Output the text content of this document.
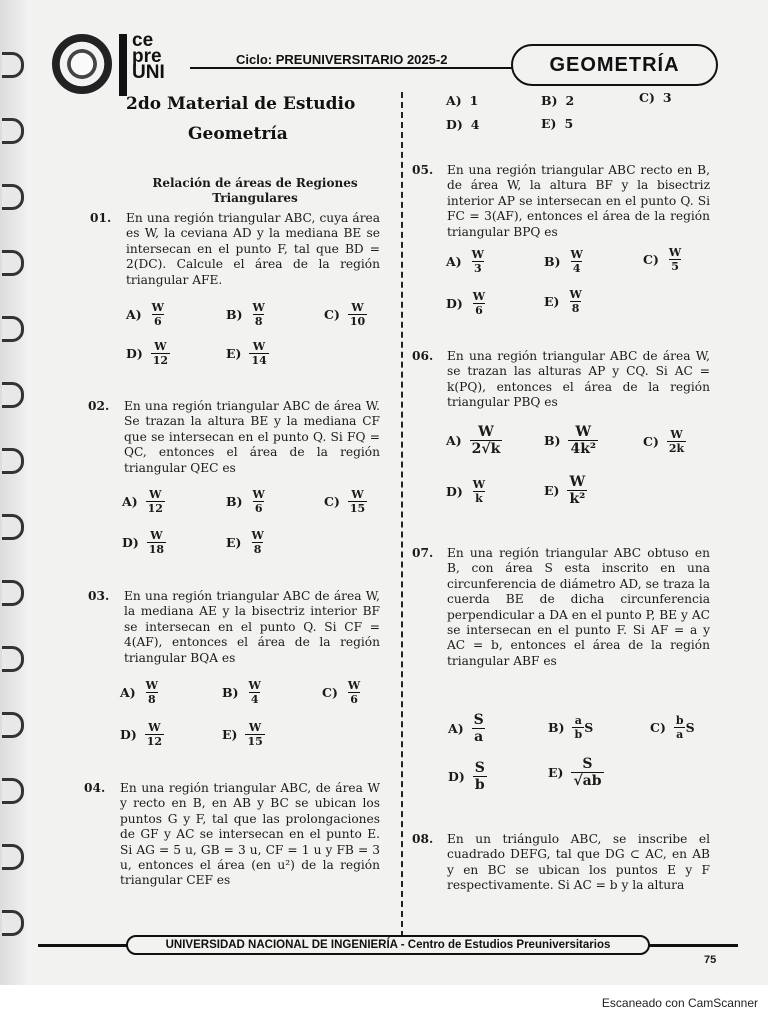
ce
pre
UNI
Ciclo: PREUNIVERSITARIO 2025-2	GEOMETRÍA
2do Material de Estudio
Geometría
Relación de áreas de Regiones
Triangulares
01. En una región triangular ABC, cuya área es W, la ceviana AD y la mediana BE se intersecan en el punto F, tal que BD = 2(DC). Calcule el área de la región triangular AFE.
$A) \frac{W}{6}$	$B) \frac{W}{8}$	$C) \frac{W}{10}$
$D) \frac{W}{12}$	$E) \frac{W}{14}$
02. En una región triangular ABC de área W. Se trazan la altura BE y la mediana CF que se intersecan en el punto Q. Si FQ = QC, entonces el área de la región triangular QEC es
$A) \frac{W}{12}$	$B) \frac{W}{6}$	$C) \frac{W}{15}$
$D) \frac{W}{18}$	$E) \frac{W}{8}$
03. En una región triangular ABC de área W, la mediana AE y la bisectriz interior BF se intersecan en el punto Q. Si CF = 4(AF), entonces el área de la región triangular BQA es
$A) \frac{W}{8}$	$B) \frac{W}{4}$	$C) \frac{W}{6}$
$D) \frac{W}{12}$	$E) \frac{W}{15}$
04. En una región triangular ABC, de área W y recto en B, en AB y BC se ubican los puntos G y F, tal que las prolongaciones de GF y AC se intersecan en el punto E. Si AG = 5 u, GB = 3 u, CF = 1 u y FB = 3 u, entonces el área (en u²) de la región triangular CEF es
A) 1	B) 2	C) 3
D) 4	E) 5
05. En una región triangular ABC recto en B, de área W, la altura BF y la bisectriz interior AP se intersecan en el punto Q. Si FC = 3(AF), entonces el área de la región triangular BPQ es
$A) \frac{W}{3}$	$B) \frac{W}{4}$	$C) \frac{W}{5}$
$D) \frac{W}{6}$	$E) \frac{W}{8}$
06. En una región triangular ABC de área W, se trazan las alturas AP y CQ. Si AC = k(PQ), entonces el área de la región triangular PBQ es
$A) \frac{W}{2√k}$	$B) \frac{W}{\text{4k²}}$	$C) \frac{W}{2k}$
$D) \frac{W}{k}$	$E) \frac{W}{\text{k²}}$
07. En una región triangular ABC obtuso en B, con área S esta inscrito en una circunferencia de diámetro AD, se traza la cuerda BE de dicha circunferencia perpendicular a DA en el punto P, BE y AC se intersecan en el punto F. Si AF = a y AC = b, entonces el área de la región triangular ABF es
$A) \frac{S}{a}$	$B) \frac{a}{b}$ S	$C) \frac{b}{a}$ S
$D) \frac{S}{b}$	$E) \frac{S}{√ab}$
08. En un triángulo ABC, se inscribe el cuadrado DEFG, tal que DG ⊂ AC, en AB y en BC se ubican los puntos E y F respectivamente. Si AC = b y la altura
UNIVERSIDAD NACIONAL DE INGENIERÍA - Centro de Estudios Preuniversitarios
75
Escaneado con CamScanner
